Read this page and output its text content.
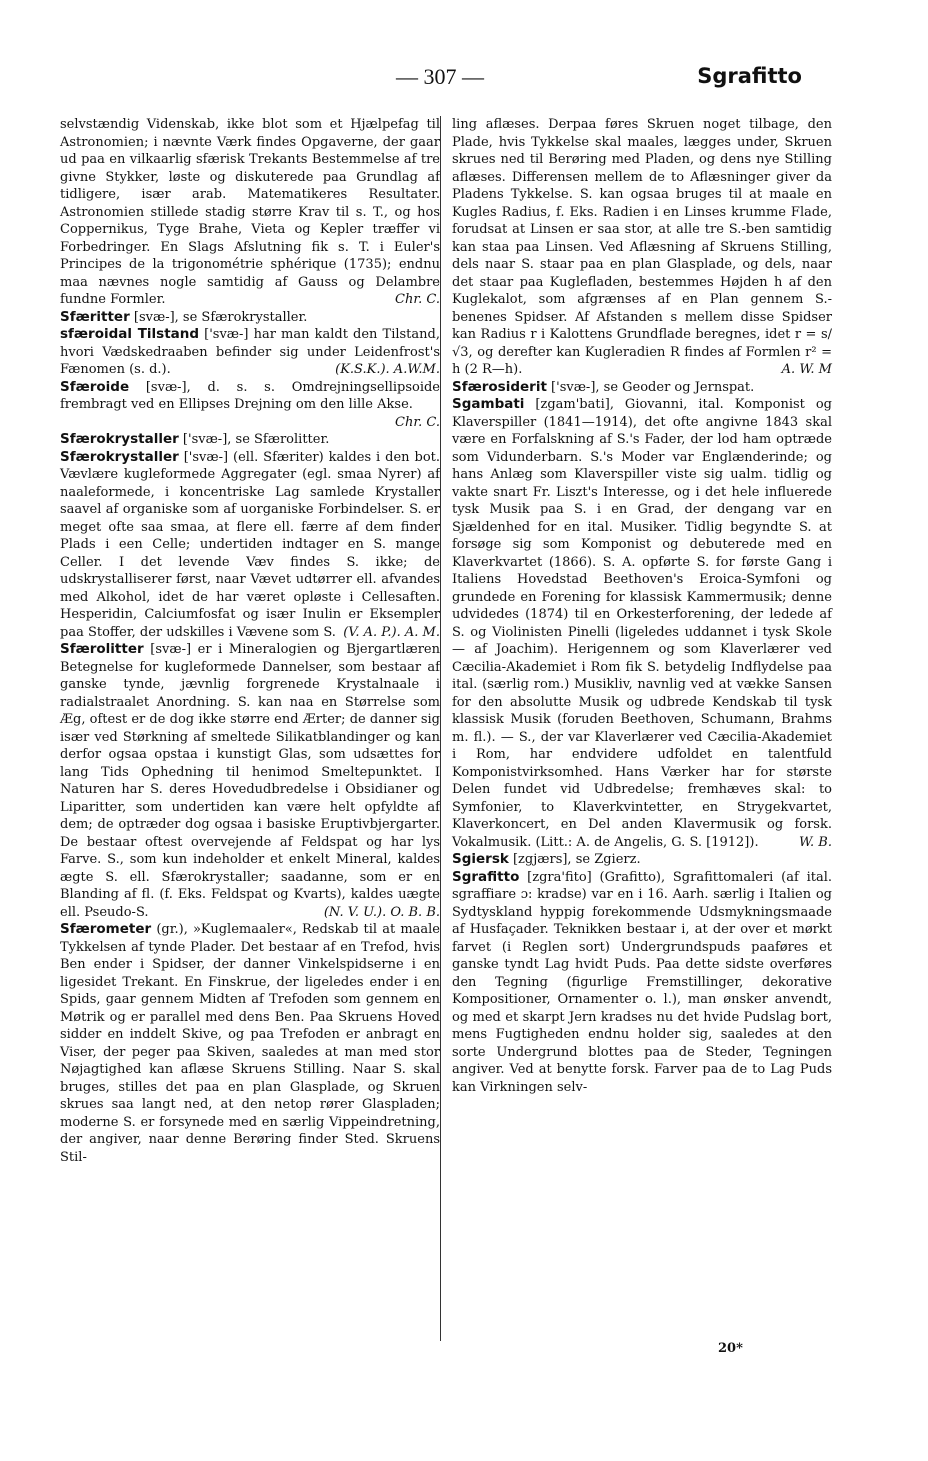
— 307 —	Sgrafitto

selvstændig Videnskab, ikke blot som et Hjælpefag til Astronomien; i nævnte Værk findes Opgaverne, der gaar ud paa en vilkaarlig sfærisk Trekants Bestemmelse af tre givne Stykker, løste og diskuterede paa Grundlag af tidligere, især arab. Matematikeres Resultater. Astronomien stillede stadig større Krav til s. T., og hos Coppernikus, Tyge Brahe, Vieta og Kepler træffer vi Forbedringer. En Slags Afslutning fik s. T. i Euler's Principes de la trigonométrie sphérique (1735); endnu maa nævnes nogle samtidig af Gauss og Delambre fundne Formler.	Chr. C.

Sfæritter [svæ-], se Sfærokrystaller.

sfæroidal Tilstand ['svæ-] har man kaldt den Tilstand, hvori Vædskedraaben befinder sig under Leidenfrost's Fænomen (s. d.).	(K.S.K.). A.W.M.

Sfæroide [svæ-], d. s. s. Omdrejningsellipsoide frembragt ved en Ellipses Drejning om den lille Akse.
Chr. C.

Sfærokrystaller ['svæ-], se Sfærolitter.

Sfærokrystaller ['svæ-] (ell. Sfæriter) kaldes i den bot. Vævlære kugleformede Aggregater (egl. smaa Nyrer) af naaleformede, i koncentriske Lag samlede Krystaller saavel af organiske som af uorganiske Forbindelser. S. er meget ofte saa smaa, at flere ell. færre af dem finder Plads i een Celle; undertiden indtager en S. mange Celler. I det levende Væv findes S. ikke; de udskrystalliserer først, naar Vævet udtørrer ell. afvandes med Alkohol, idet de har været opløste i Cellesaften. Hesperidin, Calciumfosfat og især Inulin er Eksempler paa Stoffer, der udskilles i Vævene som S. (V. A. P.). A. M.

Sfærolitter [svæ-] er i Mineralogien og Bjergartlæren Betegnelse for kugleformede Dannelser, som bestaar af ganske tynde, jævnlig forgrenede Krystalnaale i radialstraalet Anordning. S. kan naa en Størrelse som Æg, oftest er de dog ikke større end Ærter; de danner sig især ved Størkning af smeltede Silikatblandinger og kan derfor ogsaa opstaa i kunstigt Glas, som udsættes for lang Tids Ophedning til henimod Smeltepunktet. I Naturen har S. deres Hovedudbredelse i Obsidianer og Liparitter, som undertiden kan være helt opfyldte af dem; de optræder dog ogsaa i basiske Eruptivbjergarter. De bestaar oftest overvejende af Feldspat og har lys Farve. S., som kun indeholder et enkelt Mineral, kaldes ægte S. ell. Sfærokrystaller; saadanne, som er en Blanding af fl. (f. Eks. Feldspat og Kvarts), kaldes uægte ell. Pseudo-S.	(N. V. U.). O. B. B.

Sfærometer (gr.), »Kuglemaaler«, Redskab til at maale Tykkelsen af tynde Plader. Det bestaar af en Trefod, hvis Ben ender i Spidser, der danner Vinkelspidserne i en ligesidet Trekant. En Finskrue, der ligeledes ender i en Spids, gaar gennem Midten af Trefoden som gennem en Møtrik og er parallel med dens Ben. Paa Skruens Hoved sidder en inddelt Skive, og paa Trefoden er anbragt en Viser, der peger paa Skiven, saaledes at man med stor Nøjagtighed kan aflæse Skruens Stilling. Naar S. skal bruges, stilles det paa en plan Glasplade, og Skruen skrues saa langt ned, at den netop rører Glaspladen; moderne S. er forsynede med en særlig Vippeindretning, der angiver, naar denne Berøring finder Sted. Skruens Stil-

ling aflæses. Derpaa føres Skruen noget tilbage, den Plade, hvis Tykkelse skal maales, lægges under, Skruen skrues ned til Berøring med Pladen, og dens nye Stilling aflæses. Differensen mellem de to Aflæsninger giver da Pladens Tykkelse. S. kan ogsaa bruges til at maale en Kugles Radius, f. Eks. Radien i en Linses krumme Flade, forudsat at Linsen er saa stor, at alle tre S.-ben samtidig kan staa paa Linsen. Ved Aflæsning af Skruens Stilling, dels naar S. staar paa en plan Glasplade, og dels, naar det staar paa Kuglefladen, bestemmes Højden h af den Kuglekalot, som afgrænses af en Plan gennem S.-benenes Spidser. Af Afstanden s mellem disse Spidser kan Radius r i Kalottens Grundflade beregnes, idet r = s/√3, og derefter kan Kugleradien R findes af Formlen r² = h (2 R—h).	A. W. M

Sfærosiderit ['svæ-], se Geoder og Jernspat.

Sgambati [zgam'bati], Giovanni, ital. Komponist og Klaverspiller (1841—1914), det ofte angivne 1843 skal være en Forfalskning af S.'s Fader, der lod ham optræde som Vidunderbarn. S.'s Moder var Englænderinde; og hans Anlæg som Klaverspiller viste sig ualm. tidlig og vakte snart Fr. Liszt's Interesse, og i det hele influerede tysk Musik paa S. i en Grad, der dengang var en Sjældenhed for en ital. Musiker. Tidlig begyndte S. at forsøge sig som Komponist og debuterede med en Klaverkvartet (1866). S. A. opførte S. for første Gang i Italiens Hovedstad Beethoven's Eroica-Symfoni og grundede en Forening for klassisk Kammermusik; denne udvidedes (1874) til en Orkesterforening, der ledede af S. og Violinisten Pinelli (ligeledes uddannet i tysk Skole — af Joachim). Herigennem og som Klaverlærer ved Cæcilia-Akademiet i Rom fik S. betydelig Indflydelse paa ital. (særlig rom.) Musikliv, navnlig ved at vække Sansen for den absolutte Musik og udbrede Kendskab til tysk klassisk Musik (foruden Beethoven, Schumann, Brahms m. fl.). — S., der var Klaverlærer ved Cæcilia-Akademiet i Rom, har endvidere udfoldet en talentfuld Komponistvirksomhed. Hans Værker har for største Delen fundet vid Udbredelse; fremhæves skal: to Symfonier, to Klaverkvintetter, en Strygekvartet, Klaverkoncert, en Del anden Klavermusik og forsk. Vokalmusik. (Litt.: A. de Angelis, G. S. [1912]).	W. B.

Sgiersk [zgjærs], se Zgierz.

Sgrafitto [zgra'fito] (Grafitto), Sgrafittomaleri (af ital. sgraffiare ɔ: kradse) var en i 16. Aarh. særlig i Italien og Sydtyskland hyppig forekommende Udsmykningsmaade af Husfaçader. Teknikken bestaar i, at der over et mørkt farvet (i Reglen sort) Undergrundspuds paaføres et ganske tyndt Lag hvidt Puds. Paa dette sidste overføres den Tegning (figurlige Fremstillinger, dekorative Kompositioner, Ornamenter o. l.), man ønsker anvendt, og med et skarpt Jern kradses nu det hvide Pudslag bort, mens Fugtigheden endnu holder sig, saaledes at den sorte Undergrund blottes paa de Steder, Tegningen angiver. Ved at benytte forsk. Farver paa de to Lag Puds kan Virkningen selv-

20*
